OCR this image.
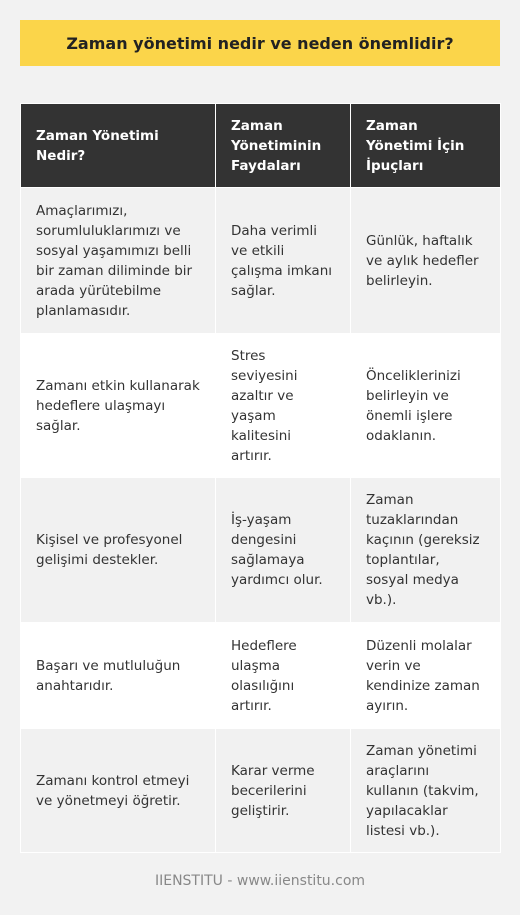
Zaman yönetimi nedir ve neden önemlidir?
Zaman Yönetimi Nedir?	Zaman Yönetiminin Faydaları	Zaman Yönetimi İçin İpuçları
Amaçlarımızı, sorumluluklarımızı ve sosyal yaşamımızı belli bir zaman diliminde bir arada yürütebilme planlamasıdır.	Daha verimli ve etkili çalışma imkanı sağlar.	Günlük, haftalık ve aylık hedefler belirleyin.
Zamanı etkin kullanarak hedeflere ulaşmayı sağlar.	Stres seviyesini azaltır ve yaşam kalitesini artırır.	Önceliklerinizi belirleyin ve önemli işlere odaklanın.
Kişisel ve profesyonel gelişimi destekler.	İş-yaşam dengesini sağlamaya yardımcı olur.	Zaman tuzaklarından kaçının (gereksiz toplantılar, sosyal medya vb.).
Başarı ve mutluluğun anahtarıdır.	Hedeflere ulaşma olasılığını artırır.	Düzenli molalar verin ve kendinize zaman ayırın.
Zamanı kontrol etmeyi ve yönetmeyi öğretir.	Karar verme becerilerini geliştirir.	Zaman yönetimi araçlarını kullanın (takvim, yapılacaklar listesi vb.).
IIENSTITU - www.iienstitu.com
